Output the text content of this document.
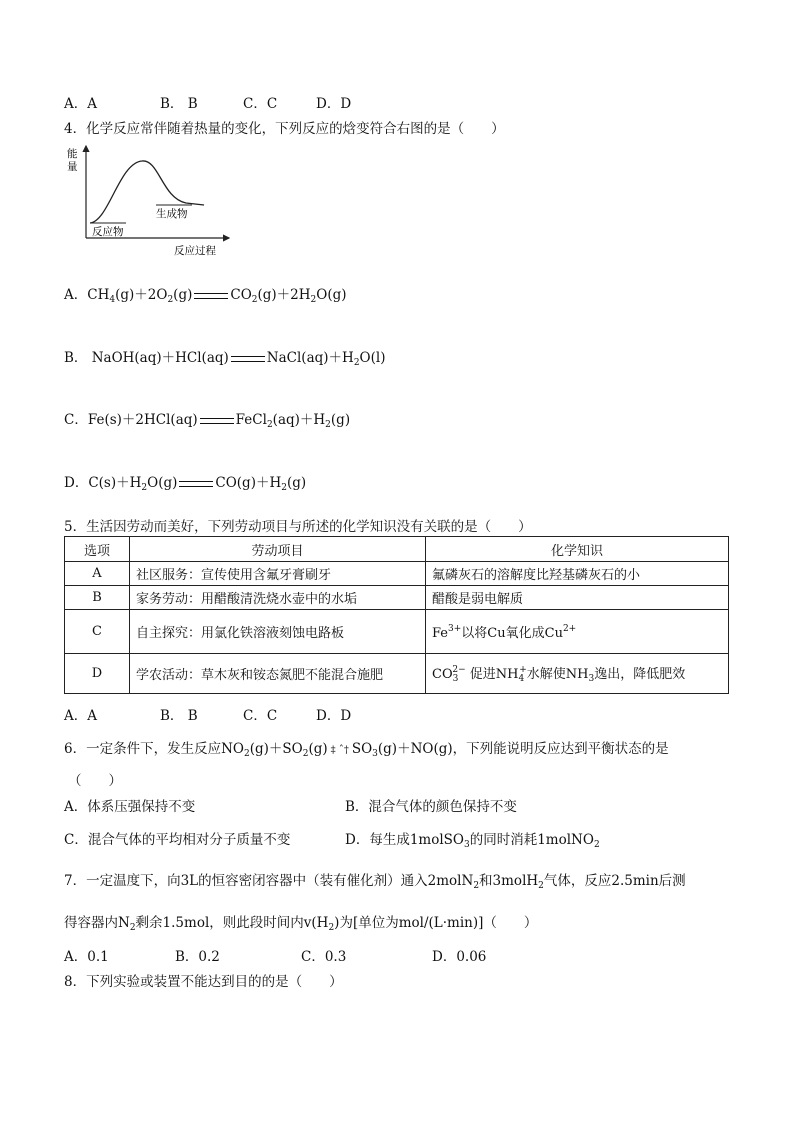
A．A	B． B	C．C	D．D
4．化学反应常伴随着热量的变化，下列反应的焓变符合右图的是（　　）
能
量
反应物
生成物
反应过程
A．$CH_4(g)+2O_2(g)$	$CO_2(g)+2H_2O(g)$
B． NaOH(aq)＋HCl(aq)	$NaCl(aq)+H_2O(l)$
C．Fe(s)＋2HCl(aq)	$FeCl_2(aq)+H_2(g)$
D．$C(s)+H_2O(g)$	$CO(g)+H_2(g)$
5．生活因劳动而美好，下列劳动项目与所述的化学知识没有关联的是（　　）
选项	劳动项目	化学知识
A	社区服务：宣传使用含氟牙膏刷牙	氟磷灰石的溶解度比羟基磷灰石的小
B	家务劳动：用醋酸清洗烧水壶中的水垢	醋酸是弱电解质
C	自主探究：用氯化铁溶液刻蚀电路板	$Fe^{3+}$以将Cu氧化成$Cu^{2+}$
D	学农活动：草木灰和铵态氮肥不能混合施肥	$CO_3^{2-}$ 促进$NH_4^+$水解使$NH_3$逸出，降低肥效
A．A	B． B	C．C	D．D
6．一定条件下，发生反应$NO_2(g)+SO_2(g)$ ‡ ˆ† $SO_3(g)+NO(g)$，下列能说明反应达到平衡状态的是
（　　）
A．体系压强保持不变	B．混合气体的颜色保持不变
C．混合气体的平均相对分子质量不变	D．每生成1molSO$_3$的同时消耗1molNO$_2$
7．一定温度下，向3L的恒容密闭容器中（装有催化剂）通入2molN$_2$和3molH$_2$气体，反应2.5min后测
得容器内$N_2$剩余1.5mol，则此段时间内$v(H_2)$为[单位为mol/(L·min)]（　　）
A．0.1	B．0.2	C．0.3	D．0.06
8．下列实验或装置不能达到目的的是（　　）
